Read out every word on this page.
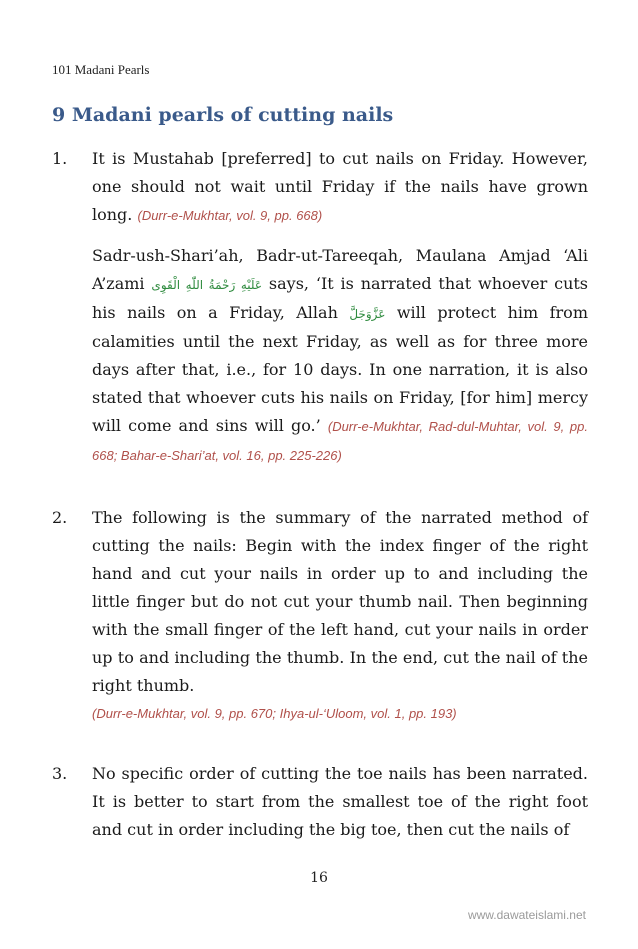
101 Madani Pearls
9 Madani pearls of cutting nails
1. It is Mustahab [preferred] to cut nails on Friday. However, one should not wait until Friday if the nails have grown long. (Durr-e-Mukhtar, vol. 9, pp. 668)

Sadr-ush-Shari’ah, Badr-ut-Tareeqah, Maulana Amjad ‘Ali A’zami عَلَيْهِ رَحْمَةُ اللّٰهِ الْقَوِى says, ‘It is narrated that whoever cuts his nails on a Friday, Allah عَزَّوَجَلَّ will protect him from calamities until the next Friday, as well as for three more days after that, i.e., for 10 days. In one narration, it is also stated that whoever cuts his nails on Friday, [for him] mercy will come and sins will go.’ (Durr-e-Mukhtar, Rad-dul-Muhtar, vol. 9, pp. 668; Bahar-e-Shari’at, vol. 16, pp. 225-226)

2. The following is the summary of the narrated method of cutting the nails: Begin with the index finger of the right hand and cut your nails in order up to and including the little finger but do not cut your thumb nail. Then beginning with the small finger of the left hand, cut your nails in order up to and including the thumb. In the end, cut the nail of the right thumb.

(Durr-e-Mukhtar, vol. 9, pp. 670; Ihya-ul-‘Uloom, vol. 1, pp. 193)
3. No specific order of cutting the toe nails has been narrated. It is better to start from the smallest toe of the right foot and cut in order including the big toe, then cut the nails of

16
www.dawateislami.net
